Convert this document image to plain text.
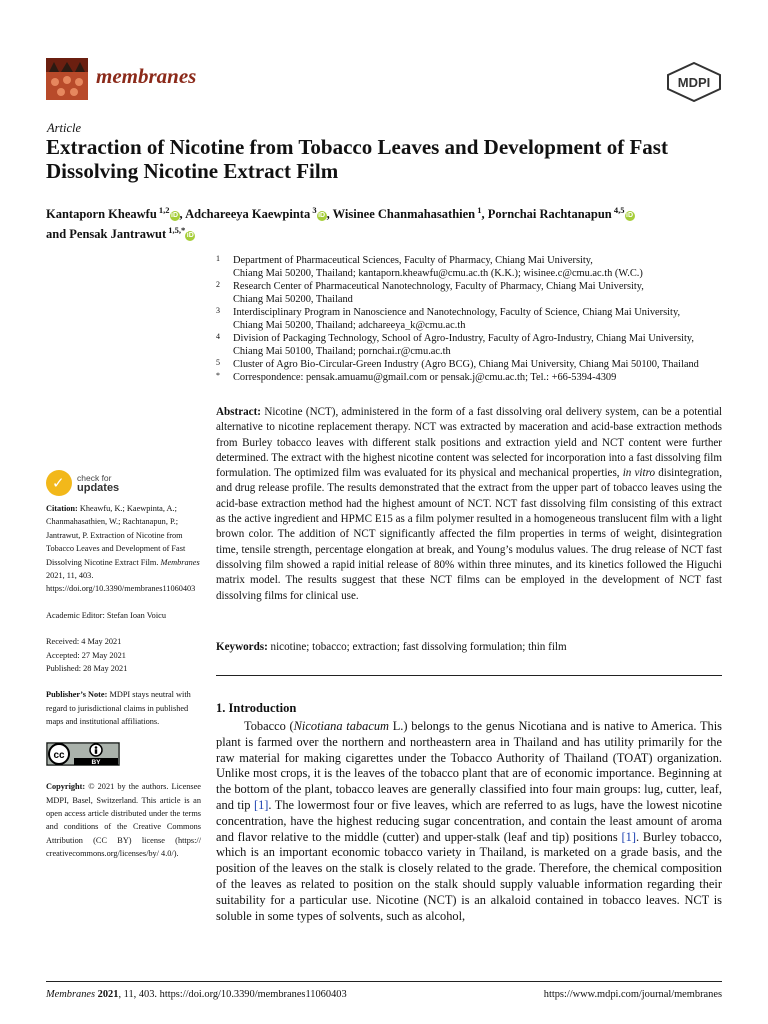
membranes	MDPI
Article
Extraction of Nicotine from Tobacco Leaves and Development of Fast Dissolving Nicotine Extract Film
Kantaporn Kheawfu $^{1,2}$iD , Adchareeya Kaewpinta $^3$iD , Wisinee Chanmahasathien $^1$, Pornchai Rachtanapun $^{4,5}$iD
and Pensak Jantrawut $^{1,5,*}$iD
1 Department of Pharmaceutical Sciences, Faculty of Pharmacy, Chiang Mai University,
Chiang Mai 50200, Thailand; kantaporn.kheawfu@cmu.ac.th (K.K.); wisinee.c@cmu.ac.th (W.C.)
2 Research Center of Pharmaceutical Nanotechnology, Faculty of Pharmacy, Chiang Mai University,
Chiang Mai 50200, Thailand
3 Interdisciplinary Program in Nanoscience and Nanotechnology, Faculty of Science, Chiang Mai University,
Chiang Mai 50200, Thailand; adchareeya_k@cmu.ac.th
4 Division of Packaging Technology, School of Agro-Industry, Faculty of Agro-Industry, Chiang Mai University,
Chiang Mai 50100, Thailand; pornchai.r@cmu.ac.th
5 Cluster of Agro Bio-Circular-Green Industry (Agro BCG), Chiang Mai University, Chiang Mai 50100, Thailand
* Correspondence: pensak.amuamu@gmail.com or pensak.j@cmu.ac.th; Tel.: +66-5394-4309

Abstract: Nicotine (NCT), administered in the form of a fast dissolving oral delivery system, can be a potential alternative to nicotine replacement therapy. NCT was extracted by maceration and acid-base extraction methods from Burley tobacco leaves with different stalk positions and extraction yield and NCT content were further determined. The extract with the highest nicotine content was selected for incorporation into a fast dissolving film formulation. The optimized film was evaluated for its physical and mechanical properties, in vitro disintegration, and drug release profile. The results demonstrated that the extract from the upper part of tobacco leaves using the acid-base extraction method had the highest amount of NCT. NCT fast dissolving film consisting of this extract as the active ingredient and HPMC E15 as a film polymer resulted in a homogeneous translucent film with a light brown color. The addition of NCT significantly affected the film properties in terms of weight, disintegration time, tensile strength, percentage elongation at break, and Young’s modulus values. The drug release of NCT fast dissolving film showed a rapid initial release of 80% within three minutes, and its kinetics followed the Higuchi matrix model. The results suggest that these NCT films can be employed in the development of NCT fast dissolving films for clinical use.

Keywords: nicotine; tobacco; extraction; fast dissolving formulation; thin film

1. Introduction

Tobacco (Nicotiana tabacum L.) belongs to the genus Nicotiana and is native to America. This plant is farmed over the northern and northeastern area in Thailand and has utility primarily for the raw material for making cigarettes under the Tobacco Authority of Thailand (TOAT) organization. Unlike most crops, it is the leaves of the tobacco plant that are of economic importance. Beginning at the bottom of the plant, tobacco leaves are generally classified into four main groups: lug, cutter, leaf, and tip [1]. The lowermost four or five leaves, which are referred to as lugs, have the lowest nicotine concentration, have the highest reducing sugar concentration, and contain the least amount of aroma and flavor relative to the middle (cutter) and upper-stalk (leaf and tip) positions [1]. Burley tobacco, which is an important economic tobacco variety in Thailand, is marketed on a grade basis, and the position of the leaves on the stalk is closely related to the grade. Therefore, the chemical composition of the leaves as related to position on the stalk should supply valuable information regarding their suitability for a particular use. Nicotine (NCT) is an alkaloid contained in tobacco leaves. NCT is soluble in some types of solvents, such as alcohol,

✓ check for
updates
Citation: Kheawfu, K.; Kaewpinta, A.; Chanmahasathien, W.; Rachtanapun, P.; Jantrawut, P. Extraction of Nicotine from Tobacco Leaves and Development of Fast Dissolving Nicotine Extract Film. Membranes 2021, 11, 403. https://doi.org/10.3390/membranes11060403
Academic Editor: Stefan Ioan Voicu
Received: 4 May 2021
Accepted: 27 May 2021
Published: 28 May 2021
Publisher’s Note: MDPI stays neutral with regard to jurisdictional claims in published maps and institutional affiliations.
cc
BY
Copyright: © 2021 by the authors. Licensee MDPI, Basel, Switzerland. This article is an open access article distributed under the terms and conditions of the Creative Commons Attribution (CC BY) license (https:// creativecommons.org/licenses/by/ 4.0/).
Membranes 2021, 11, 403. https://doi.org/10.3390/membranes11060403	https://www.mdpi.com/journal/membranes
